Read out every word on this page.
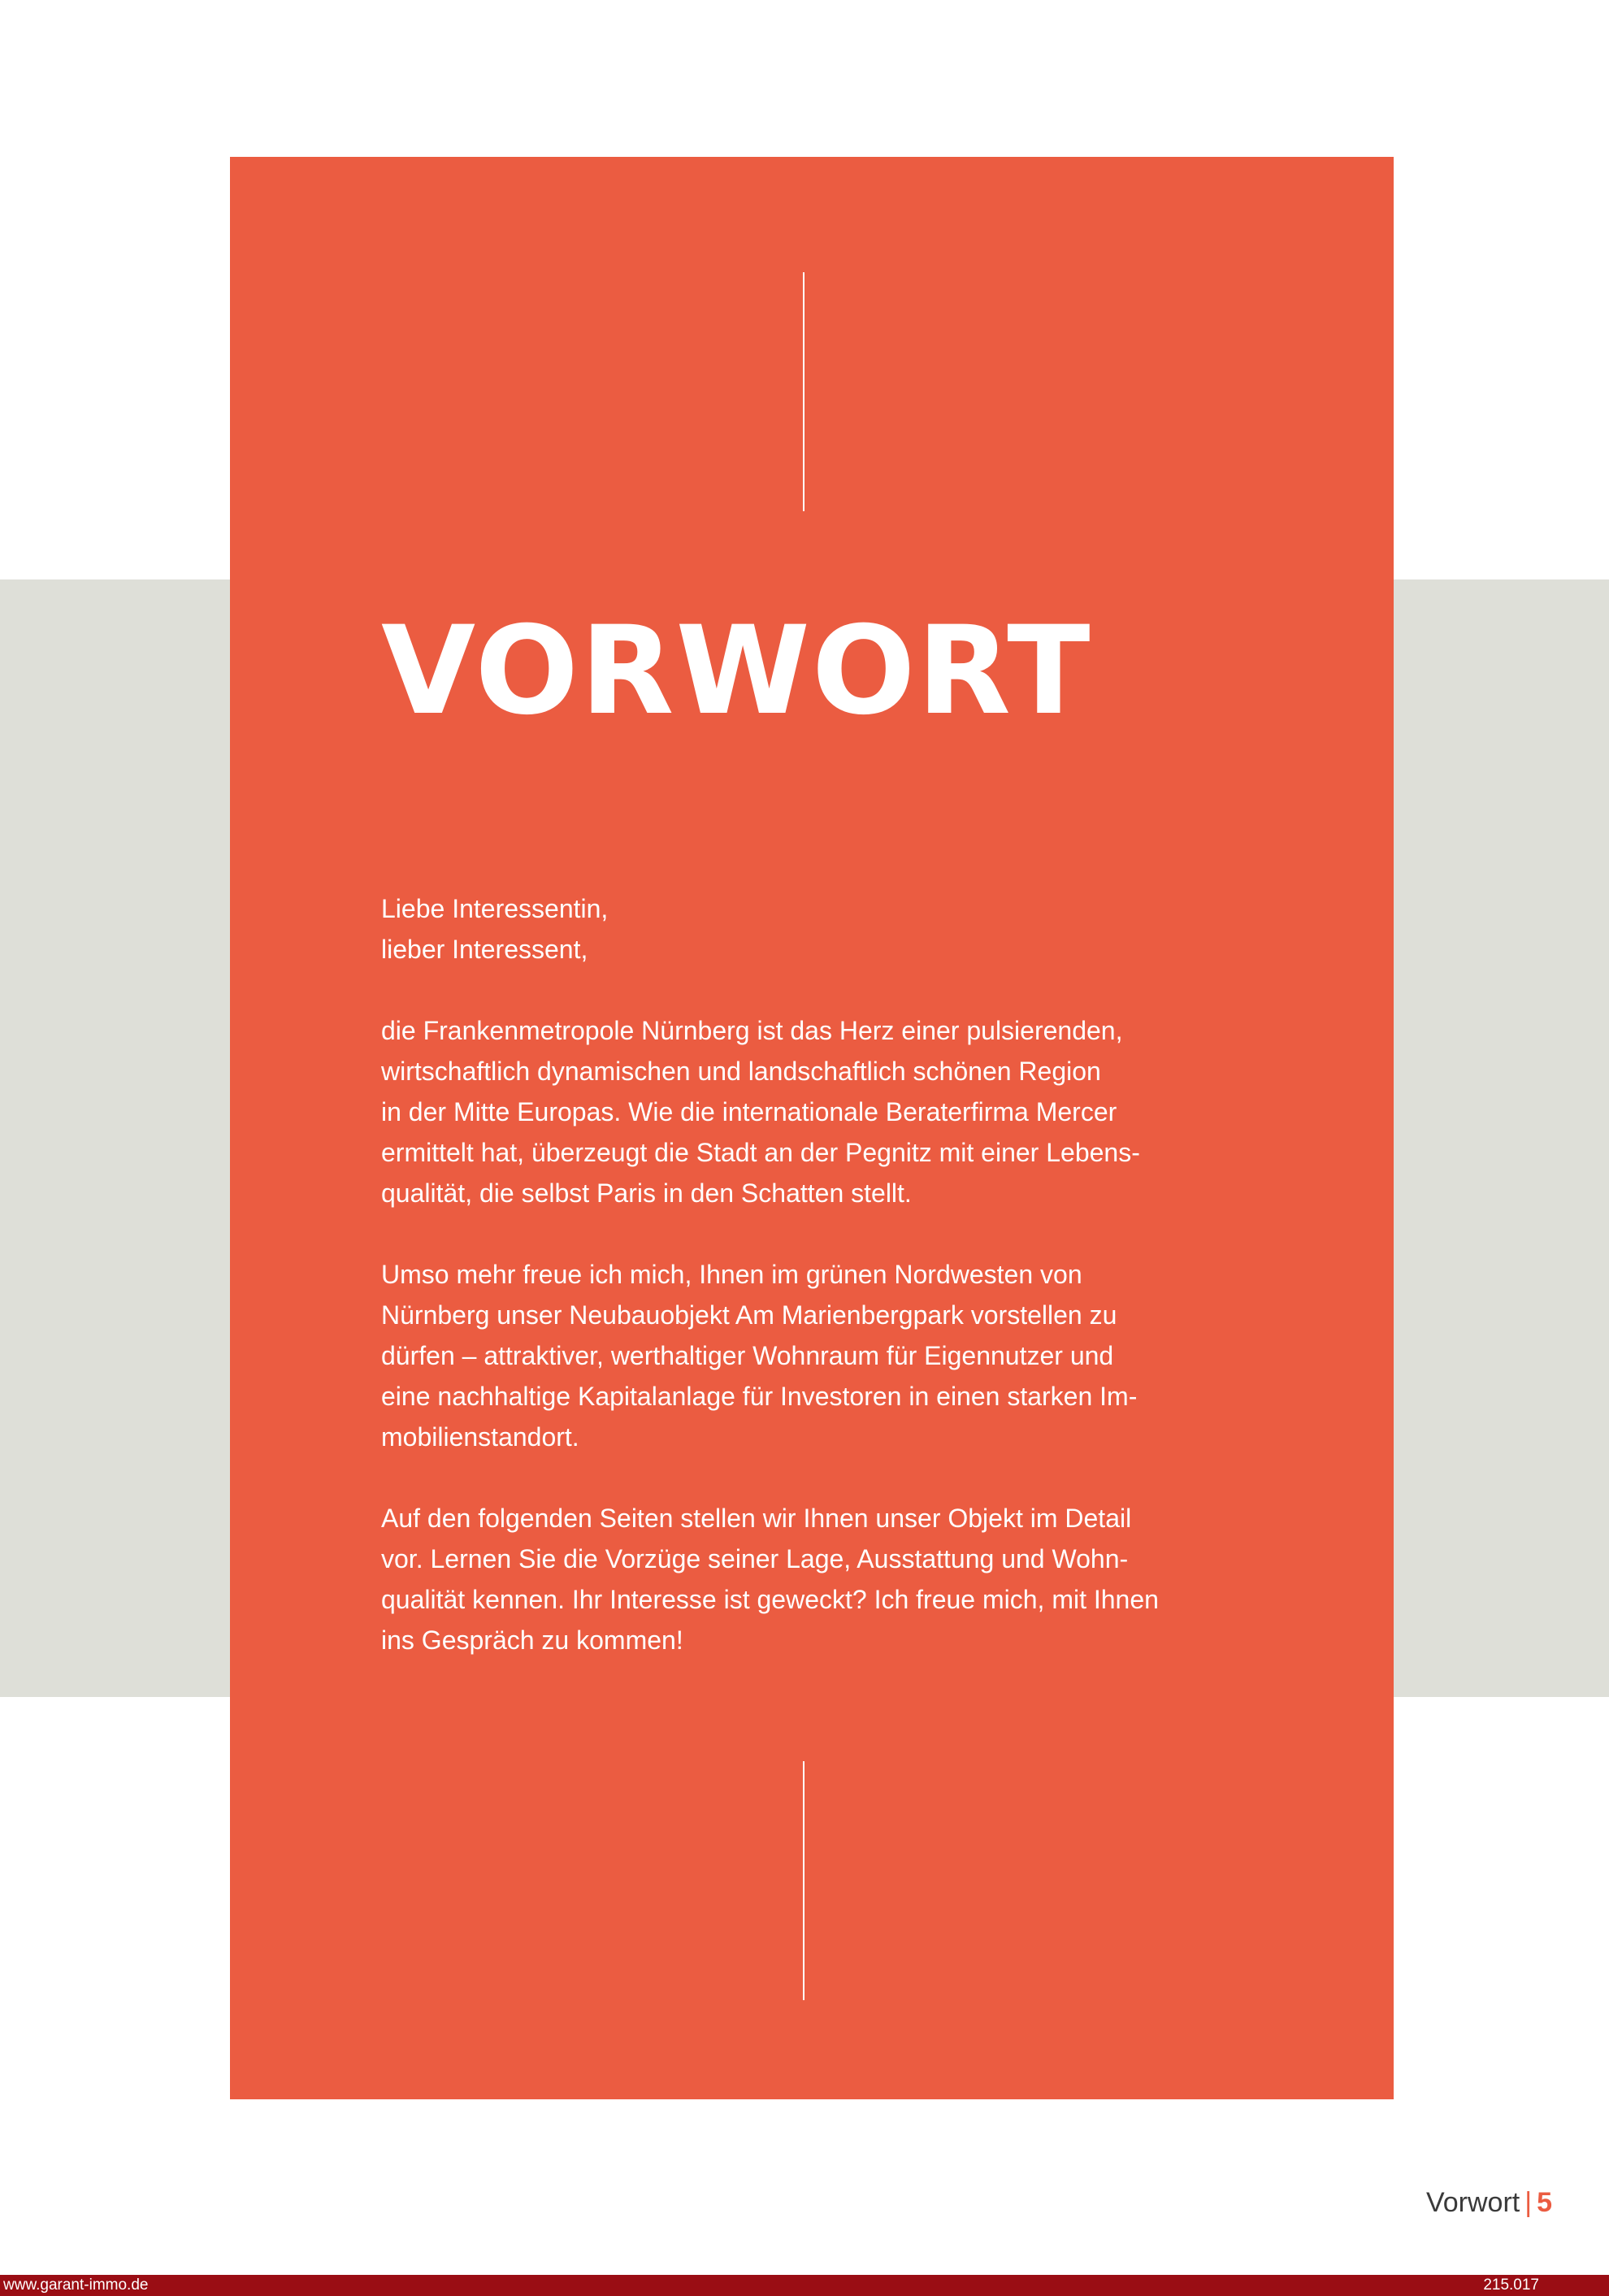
VORWORT

Liebe Interessentin,
lieber Interessent,

die Frankenmetropole Nürnberg ist das Herz einer pulsierenden,
wirtschaftlich dynamischen und landschaftlich schönen Region
in der Mitte Europas. Wie die internationale Beraterfirma Mercer
ermittelt hat, überzeugt die Stadt an der Pegnitz mit einer Lebens-
qualität, die selbst Paris in den Schatten stellt.

Umso mehr freue ich mich, Ihnen im grünen Nordwesten von
Nürnberg unser Neubauobjekt Am Marienbergpark vorstellen zu
dürfen – attraktiver, werthaltiger Wohnraum für Eigennutzer und
eine nachhaltige Kapitalanlage für Investoren in einen starken Im-
mobilienstandort.

Auf den folgenden Seiten stellen wir Ihnen unser Objekt im Detail
vor. Lernen Sie die Vorzüge seiner Lage, Ausstattung und Wohn-
qualität kennen. Ihr Interesse ist geweckt? Ich freue mich, mit Ihnen
ins Gespräch zu kommen!

Vorwort | 5
www.garant-immo.de	215.017
